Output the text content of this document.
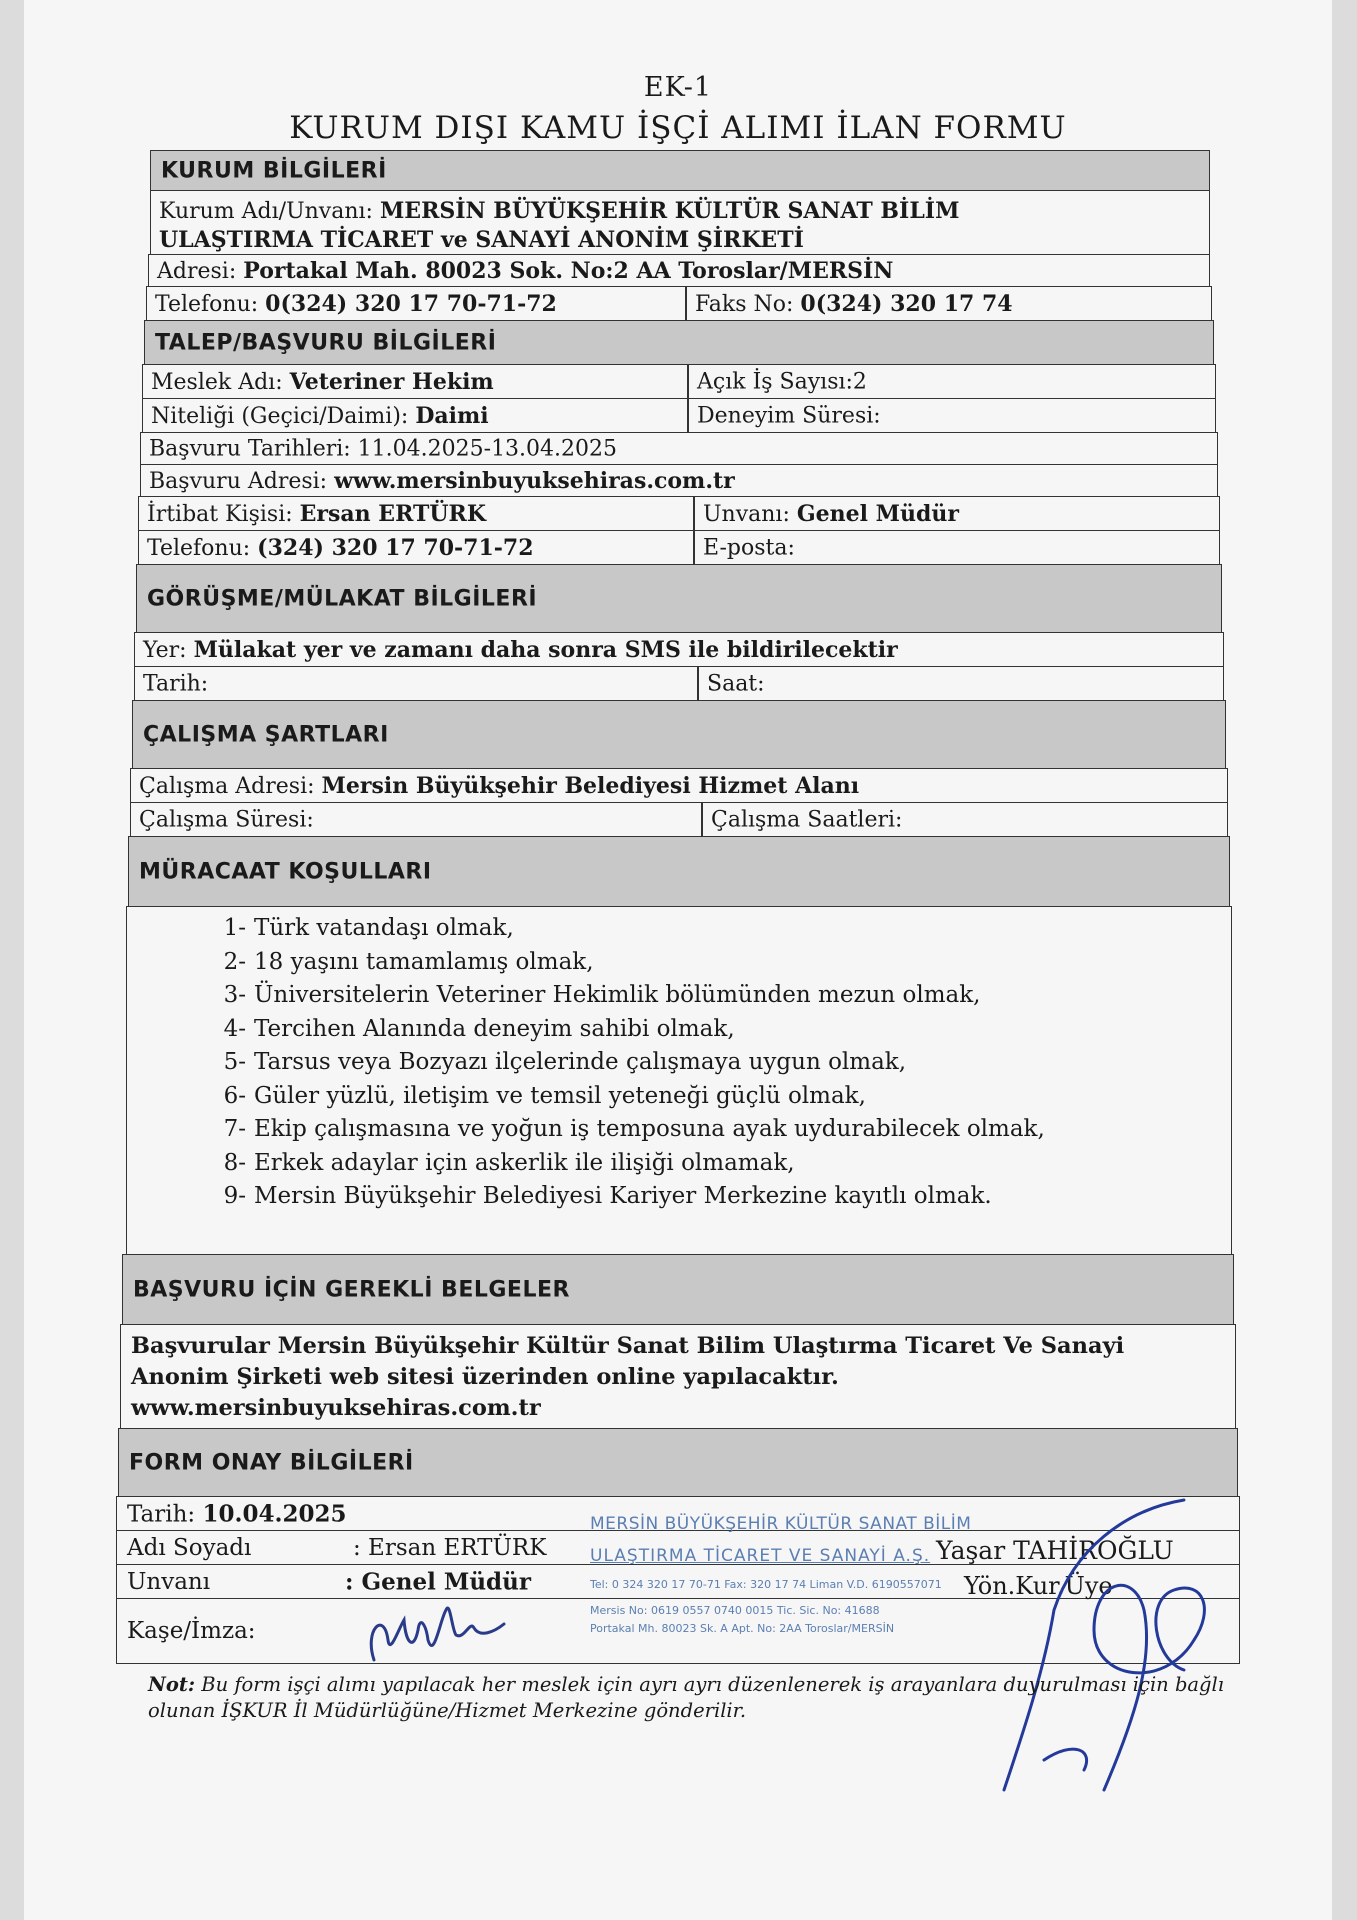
EK-1
KURUM DIŞI KAMU İŞÇİ ALIMI İLAN FORMU
KURUM BİLGİLERİ
Kurum Adı/Unvanı: MERSİN BÜYÜKŞEHİR KÜLTÜR SANAT BİLİM
ULAŞTIRMA TİCARET ve SANAYİ ANONİM ŞİRKETİ
Adresi: Portakal Mah. 80023 Sok. No:2 AA Toroslar/MERSİN
Telefonu: 0(324) 320 17 70-71-72	Faks No: 0(324) 320 17 74
TALEP/BAŞVURU BİLGİLERİ
Meslek Adı: Veteriner Hekim	Açık İş Sayısı:2
Niteliği (Geçici/Daimi): Daimi	Deneyim Süresi:
Başvuru Tarihleri: 11.04.2025-13.04.2025
Başvuru Adresi: www.mersinbuyuksehiras.com.tr
İrtibat Kişisi: Ersan ERTÜRK	Unvanı: Genel Müdür
Telefonu: (324) 320 17 70-71-72	E-posta:
GÖRÜŞME/MÜLAKAT BİLGİLERİ
Yer: Mülakat yer ve zamanı daha sonra SMS ile bildirilecektir
Tarih:	Saat:
ÇALIŞMA ŞARTLARI
Çalışma Adresi: Mersin Büyükşehir Belediyesi Hizmet Alanı
Çalışma Süresi:	Çalışma Saatleri:
MÜRACAAT KOŞULLARI
1- Türk vatandaşı olmak,
2- 18 yaşını tamamlamış olmak,
3- Üniversitelerin Veteriner Hekimlik bölümünden mezun olmak,
4- Tercihen Alanında deneyim sahibi olmak,
5- Tarsus veya Bozyazı ilçelerinde çalışmaya uygun olmak,
6- Güler yüzlü, iletişim ve temsil yeteneği güçlü olmak,
7- Ekip çalışmasına ve yoğun iş temposuna ayak uydurabilecek olmak,
8- Erkek adaylar için askerlik ile ilişiği olmamak,
9- Mersin Büyükşehir Belediyesi Kariyer Merkezine kayıtlı olmak.
BAŞVURU İÇİN GEREKLİ BELGELER
Başvurular Mersin Büyükşehir Kültür Sanat Bilim Ulaştırma Ticaret Ve Sanayi
Anonim Şirketi web sitesi üzerinden online yapılacaktır.
www.mersinbuyuksehiras.com.tr
FORM ONAY BİLGİLERİ
Tarih: 10.04.2025
Adı Soyadı	: Ersan ERTÜRK
Unvanı	: Genel Müdür
Kaşe/İmza:
MERSİN BÜYÜKŞEHİR KÜLTÜR SANAT BİLİM
ULAŞTIRMA TİCARET VE SANAYİ A.Ş.
Tel: 0 324 320 17 70-71 Fax: 320 17 74 Liman V.D. 6190557071
Mersis No: 0619 0557 0740 0015 Tic. Sic. No: 41688
Portakal Mh. 80023 Sk. A Apt. No: 2AA Toroslar/MERSİN
Yaşar TAHİROĞLU
Yön.Kur.Üye
Not: Bu form işçi alımı yapılacak her meslek için ayrı ayrı düzenlenerek iş arayanlara duyurulması için bağlı olunan İŞKUR İl Müdürlüğüne/Hizmet Merkezine gönderilir.
